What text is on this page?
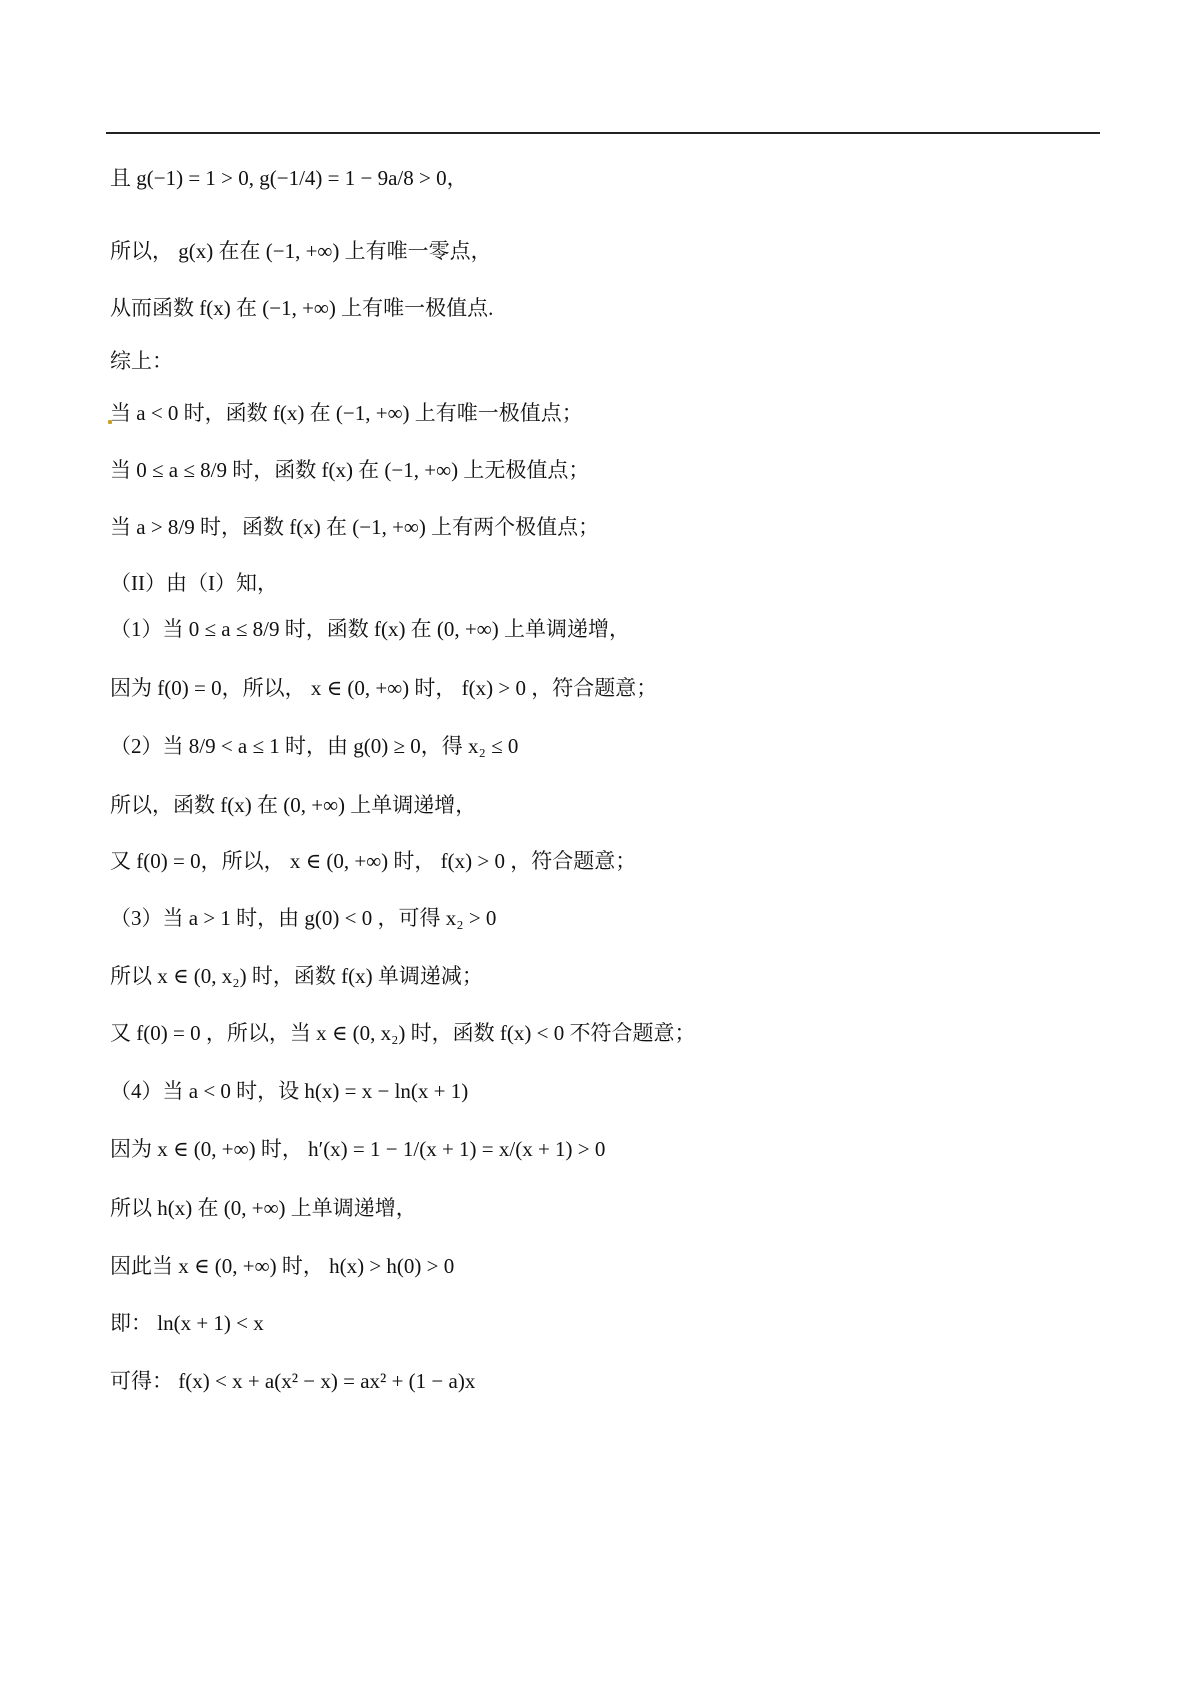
且 g(−1) = 1 > 0, g(−1/4) = 1 − 9a/8 > 0，
所以， g(x) 在在 (−1, +∞) 上有唯一零点，
从而函数 f(x) 在 (−1, +∞) 上有唯一极值点.
综上：
当 a < 0 时，函数 f(x) 在 (−1, +∞) 上有唯一极值点；
当 0 ≤ a ≤ 8/9 时，函数 f(x) 在 (−1, +∞) 上无极值点；
当 a > 8/9 时，函数 f(x) 在 (−1, +∞) 上有两个极值点；
（II）由（I）知，
（1）当 0 ≤ a ≤ 8/9 时，函数 f(x) 在 (0, +∞) 上单调递增，
因为 f(0) = 0，所以， x ∈ (0, +∞) 时， f(x) > 0 ，符合题意；
（2）当 8/9 < a ≤ 1 时，由 g(0) ≥ 0，得 x₂ ≤ 0
所以，函数 f(x) 在 (0, +∞) 上单调递增，
又 f(0) = 0，所以， x ∈ (0, +∞) 时， f(x) > 0 ，符合题意；
（3）当 a > 1 时，由 g(0) < 0 ，可得 x₂ > 0
所以 x ∈ (0, x₂) 时，函数 f(x) 单调递减；
又 f(0) = 0 ，所以，当 x ∈ (0, x₂) 时，函数 f(x) < 0 不符合题意；
（4）当 a < 0 时，设 h(x) = x − ln(x + 1)
因为 x ∈ (0, +∞) 时， h′(x) = 1 − 1/(x + 1) = x/(x + 1) > 0
所以 h(x) 在 (0, +∞) 上单调递增，
因此当 x ∈ (0, +∞) 时， h(x) > h(0) > 0
即： ln(x + 1) < x
可得： f(x) < x + a(x² − x) = ax² + (1 − a)x
